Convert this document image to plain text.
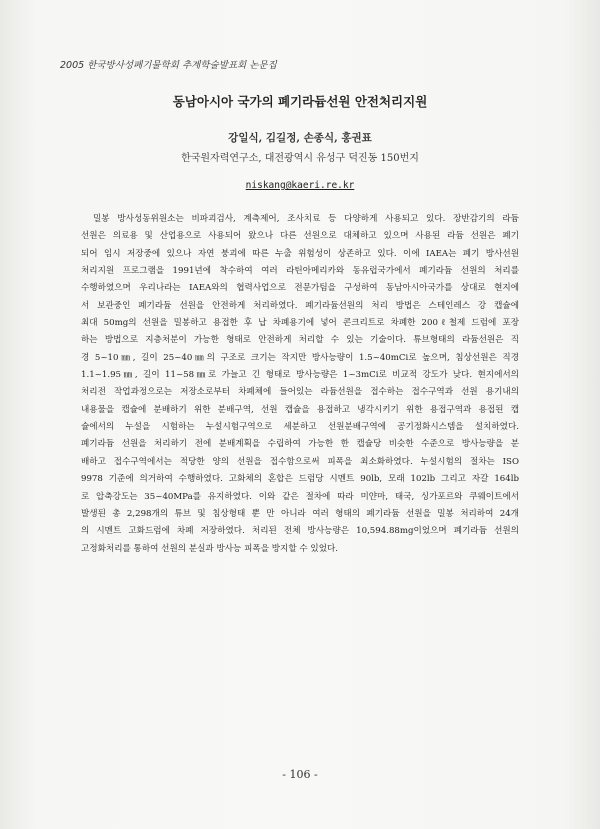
2005 한국방사성폐기물학회 추계학술발표회 논문집
동남아시아 국가의 폐기라듐선원 안전처리지원
강일식, 김길정, 손종식, 홍권표
한국원자력연구소, 대전광역시 유성구 덕진동 150번지
niskang@kaeri.re.kr
밀봉 방사성동위원소는 비파괴검사, 계측제어, 조사치료 등 다양하게 사용되고 있다. 장반감기의 라듐
선원은 의료용 및 산업용으로 사용되어 왔으나 다른 선원으로 대체하고 있으며 사용된 라듐 선원은 폐기
되어 임시 저장중에 있으나 자연 붕괴에 따른 누출 위험성이 상존하고 있다. 이에 IAEA는 폐기 방사선원
처리지원 프로그램을 1991년에 착수하여 여러 라틴아메리카와 동유럽국가에서 폐기라듐 선원의 처리를
수행하였으며 우리나라는 IAEA와의 협력사업으로 전문가팀을 구성하여 동남아시아국가를 상대로 현지에
서 보관중인 폐기라듐 선원을 안전하게 처리하였다. 폐기라듐선원의 처리 방법은 스테인레스 강 캡슐에
최대 50mg의 선원을 밀봉하고 용접한 후 납 차폐용기에 넣어 콘크리트로 차폐한 200ℓ철제 드럼에 포장
하는 방법으로 지층처분이 가능한 형태로 안전하게 처리할 수 있는 기술이다. 튜브형태의 라듐선원은 직
경 5~10㎜, 길이 25~40㎜의 구조로 크기는 작지만 방사능량이 1.5~40mCi로 높으며, 침상선원은 직경
1.1~1.95㎜, 길이 11~58㎜로 가늘고 긴 형태로 방사능량은 1~3mCi로 비교적 강도가 낮다. 현지에서의
처리전 작업과정으로는 저장소로부터 차폐체에 들어있는 라듐선원을 접수하는 접수구역과 선원 용기내의
내용물을 캡슐에 분배하기 위한 분배구역, 선원 캡슐을 용접하고 냉각시키기 위한 용접구역과 용접된 캡
슐에서의 누설을 시험하는 누설시험구역으로 세분하고 선원분배구역에 공기정화시스템을 설치하였다.
폐기라듐 선원을 처리하기 전에 분배계획을 수립하여 가능한 한 캡슐당 비슷한 수준으로 방사능량을 분
배하고 접수구역에서는 적당한 양의 선원을 접수함으로써 피폭을 최소화하였다. 누설시험의 절차는 ISO
9978 기준에 의거하여 수행하였다. 고화체의 혼합은 드럼당 시멘트 90lb, 모래 102lb 그리고 자갈 164lb
로 압축강도는 35~40MPa를 유지하였다. 이와 같은 절차에 따라 미얀마, 태국, 싱가포르와 쿠웨이트에서
발생된 총 2,298개의 튜브 및 침상형태 뿐 만 아니라 여러 형태의 폐기라듐 선원을 밀봉 처리하여 24개
의 시멘트 고화드럼에 차폐 저장하였다. 처리된 전체 방사능량은 10,594.88mg이었으며 폐기라듐 선원의
고정화처리를 통하여 선원의 분실과 방사능 피폭을 방지할 수 있었다.
- 106 -
